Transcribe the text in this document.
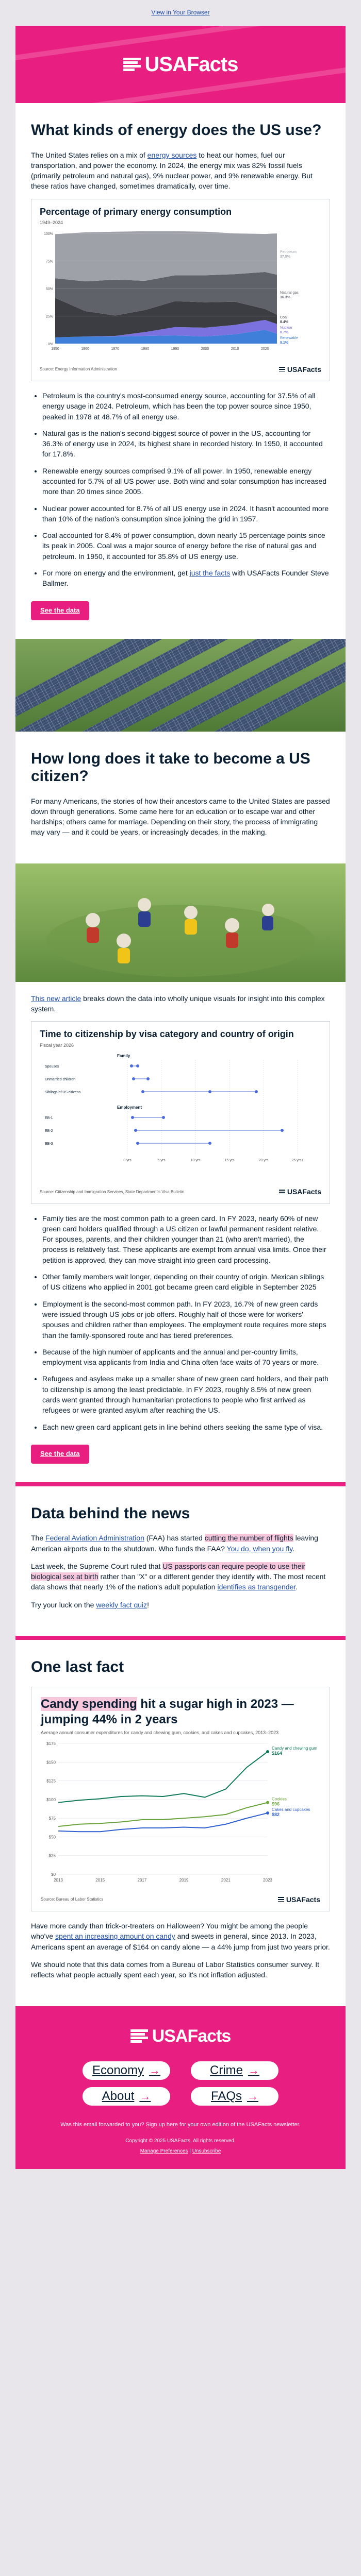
View in Your Browser
USAFacts
What kinds of energy does the US use?

The United States relies on a mix of energy sources to heat our homes, fuel our transportation, and power the economy. In 2024, the energy mix was 82% fossil fuels (primarily petroleum and natural gas), 9% nuclear power, and 9% renewable energy. But these ratios have changed, sometimes dramatically, over time.

Percentage of primary energy consumption
1949–2024
0%
25%
50%
75%
100%
1950	1960	1970	1980	1990	2000	2010	2020
Petroleum
37.5%
Natural gas
36.3%
Coal
8.4%
Nuclear
8.7%
Renewable
9.1%
Source: Energy Information Administration	USAFacts
• Petroleum is the country's most-consumed energy source, accounting for 37.5% of all energy usage in 2024. Petroleum, which has been the top power source since 1950, peaked in 1978 at 48.7% of all energy use.
• Natural gas is the nation's second-biggest source of power in the US, accounting for 36.3% of energy use in 2024, its highest share in recorded history. In 1950, it accounted for 17.8%.
• Renewable energy sources comprised 9.1% of all power. In 1950, renewable energy accounted for 5.7% of all US power use. Both wind and solar consumption has increased more than 20 times since 2005.
• Nuclear power accounted for 8.7% of all US energy use in 2024. It hasn't accounted more than 10% of the nation's consumption since joining the grid in 1957.
• Coal accounted for 8.4% of power consumption, down nearly 15 percentage points since its peak in 2005. Coal was a major source of energy before the rise of natural gas and petroleum. In 1950, it accounted for 35.8% of US energy use.
• For more on energy and the environment, get just the facts with USAFacts Founder Steve Ballmer.
See the data
How long does it take to become a US citizen?

For many Americans, the stories of how their ancestors came to the United States are passed down through generations. Some came here for an education or to escape war and other hardships; others came for marriage. Depending on their story, the process of immigrating may vary — and it could be years, or increasingly decades, in the making.

This new article breaks down the data into wholly unique visuals for insight into this complex system.

Time to citizenship by visa category and country of origin
Fiscal year 2026
Family
Spouses
Unmarried children
Siblings of US citizens
Employment
EB-1
EB-2
EB-3
0 yrs	5 yrs	10 yrs	15 yrs	20 yrs	25 yrs+
Source: Citizenship and Immigration Services, State Department's Visa Bulletin	USAFacts
• Family ties are the most common path to a green card. In FY 2023, nearly 60% of new green card holders qualified through a US citizen or lawful permanent resident relative. For spouses, parents, and their children younger than 21 (who aren't married), the process is relatively fast. These applicants are exempt from annual visa limits. Once their petition is approved, they can move straight into green card processing.
• Other family members wait longer, depending on their country of origin. Mexican siblings of US citizens who applied in 2001 got became green card eligible in September 2025
• Employment is the second-most common path. In FY 2023, 16.7% of new green cards were issued through US jobs or job offers. Roughly half of those were for workers' spouses and children rather than employees. The employment route requires more steps than the family-sponsored route and has tiered preferences.
• Because of the high number of applicants and the annual and per-country limits, employment visa applicants from India and China often face waits of 70 years or more.
• Refugees and asylees make up a smaller share of new green card holders, and their path to citizenship is among the least predictable. In FY 2023, roughly 8.5% of new green cards went granted through humanitarian protections to people who first arrived as refugees or were granted asylum after reaching the US.
• Each new green card applicant gets in line behind others seeking the same type of visa.
See the data
Data behind the news

The Federal Aviation Administration (FAA) has started cutting the number of flights leaving American airports due to the shutdown. Who funds the FAA? You do, when you fly.

Last week, the Supreme Court ruled that US passports can require people to use their biological sex at birth rather than "X" or a different gender they identify with. The most recent data shows that nearly 1% of the nation's adult population identifies as transgender.

Try your luck on the weekly fact quiz!

One last fact
Candy spending hit a sugar high in 2023 — jumping 44% in 2 years
Average annual consumer expenditures for candy and chewing gum, cookies, and cakes and cupcakes, 2013–2023
$0
$25
$50
$75
$100
$125
$150
$175
2013	2015	2017	2019	2021	2023
Candy and chewing gum
$164
Cookies
$96
Cakes and cupcakes
$82
Source: Bureau of Labor Statistics	USAFacts

Have more candy than trick-or-treaters on Halloween? You might be among the people who've spent an increasing amount on candy and sweets in general, since 2013. In 2023, Americans spent an average of $164 on candy alone — a 44% jump from just two years prior.

We should note that this data comes from a Bureau of Labor Statistics consumer survey. It reflects what people actually spent each year, so it's not inflation adjusted.

USAFacts
Economy →	Crime →
About →	FAQs →
Was this email forwarded to you? Sign up here for your own edition of the USAFacts newsletter.
Copyright © 2025 USAFacts, All rights reserved.
Manage Preferences | Unsubscribe
